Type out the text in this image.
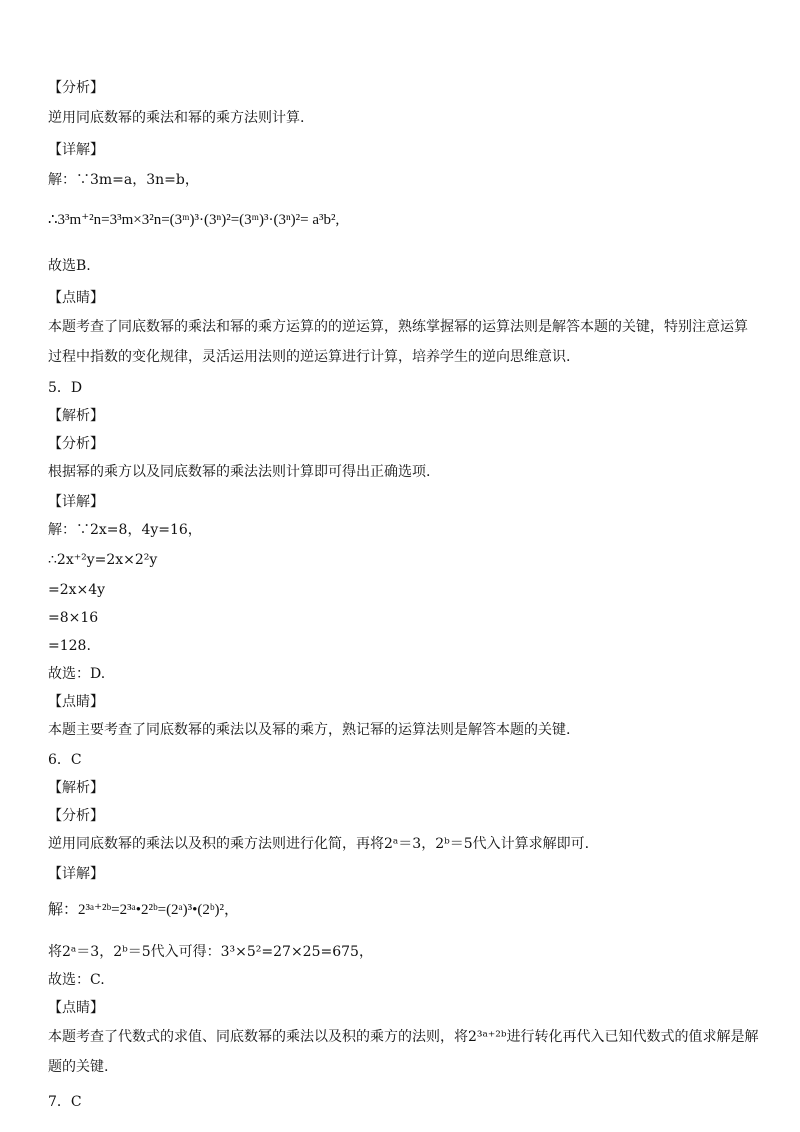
【分析】
逆用同底数幂的乘法和幂的乘方法则计算.
【详解】
解：∵3m=a，3n=b，
∴3³m⁺²n=3³m×3²n=(3ᵐ)³·(3ⁿ)²=(3ᵐ)³·(3ⁿ)²= a³b²,
故选B.
【点睛】
本题考查了同底数幂的乘法和幂的乘方运算的的逆运算，熟练掌握幂的运算法则是解答本题的关键，特别注意运算过程中指数的变化规律，灵活运用法则的逆运算进行计算，培养学生的逆向思维意识.
5．D
【解析】
【分析】
根据幂的乘方以及同底数幂的乘法法则计算即可得出正确选项.
【详解】
解：∵2x=8，4y=16，
∴2x⁺²y=2x×2²y
=2x×4y
=8×16
=128.
故选：D.
【点睛】
本题主要考查了同底数幂的乘法以及幂的乘方，熟记幂的运算法则是解答本题的关键.
6．C
【解析】
【分析】
逆用同底数幂的乘法以及积的乘方法则进行化简，再将2ᵃ＝3，2ᵇ＝5代入计算求解即可.
【详解】
解：2³ᵃ⁺²ᵇ=2³ᵃ•2²ᵇ=(2ᵃ)³•(2ᵇ)²，
将2ᵃ＝3，2ᵇ＝5代入可得：3³×5²=27×25=675，
故选：C.
【点睛】
本题考查了代数式的求值、同底数幂的乘法以及积的乘方的法则，将2³ᵃ⁺²ᵇ进行转化再代入已知代数式的值求解是解题的关键.
7．C
